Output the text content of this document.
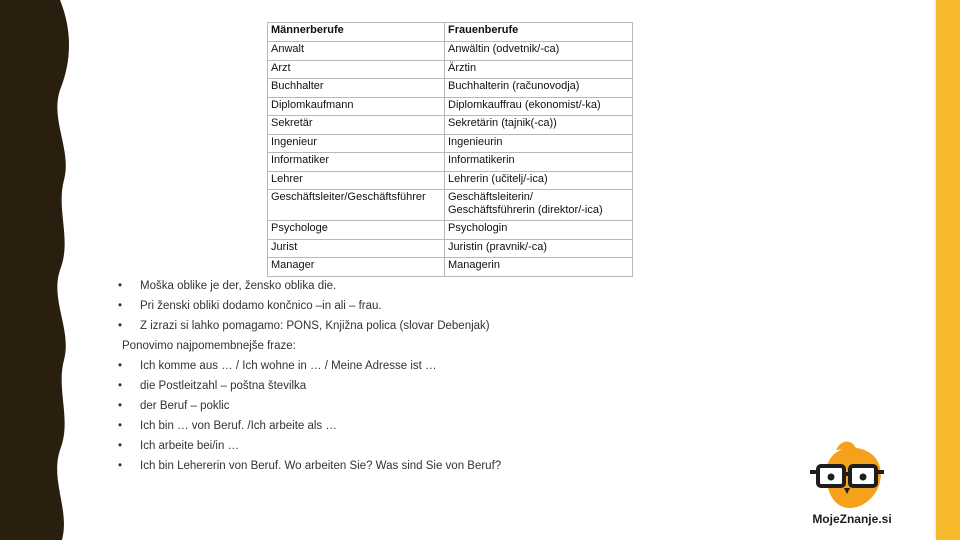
Männerberufe	Frauenberufe
Anwalt	Anwältin (odvetnik/-ca)
Arzt	Ärztin
Buchhalter	Buchhalterin (računovodja)
Diplomkaufmann	Diplomkauffrau (ekonomist/-ka)
Sekretär	Sekretärin (tajnik(-ca))
Ingenieur	Ingenieurin
Informatiker	Informatikerin
Lehrer	Lehrerin (učitelj/-ica)
Geschäftsleiter/Geschäftsführer	Geschäftsleiterin/
Geschäftsführerin (direktor/-ica)
Psychologe	Psychologin
Jurist	Juristin (pravnik/-ca)
Manager	Managerin
• Moška oblike je der, žensko oblika die.
• Pri ženski obliki dodamo končnico –in ali – frau.
• Z izrazi si lahko pomagamo: PONS, Knjižna polica (slovar Debenjak)
Ponovimo najpomembnejše fraze:
• Ich komme aus … / Ich wohne in … / Meine Adresse ist …
• die Postleitzahl – poštna številka
• der Beruf – poklic
• Ich bin … von Beruf. /Ich arbeite als …
• Ich arbeite bei/in …
• Ich bin Lehererin von Beruf. Wo arbeiten Sie? Was sind Sie von Beruf?
MojeZnanje.si
